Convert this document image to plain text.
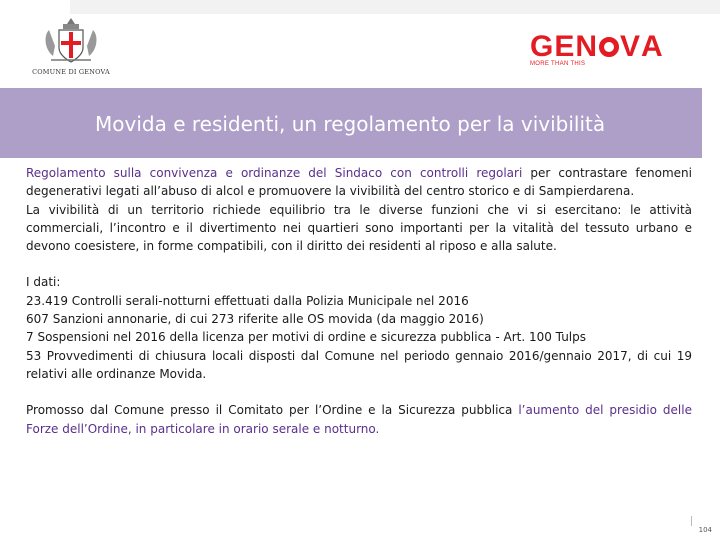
COMUNE DI GENOVA
G E N V A
MORE THAN THIS
Movida e residenti, un regolamento per la vivibilità

Regolamento sulla convivenza e ordinanze del Sindaco con controlli regolari per contrastare fenomeni degenerativi legati all’abuso di alcol e promuovere la vivibilità del centro storico e di Sampierdarena.

La vivibilità di un territorio richiede equilibrio tra le diverse funzioni che vi si esercitano: le attività commerciali, l’incontro e il divertimento nei quartieri sono importanti per la vitalità del tessuto urbano e devono coesistere, in forme compatibili, con il diritto dei residenti al riposo e alla salute.

I dati:

23.419 Controlli serali-notturni effettuati dalla Polizia Municipale nel 2016

607 Sanzioni annonarie, di cui 273 riferite alle OS movida (da maggio 2016)

7 Sospensioni nel 2016 della licenza per motivi di ordine e sicurezza pubblica - Art. 100 Tulps

53 Provvedimenti di chiusura locali disposti dal Comune nel periodo gennaio 2016/gennaio 2017, di cui 19 relativi alle ordinanze Movida.

Promosso dal Comune presso il Comitato per l’Ordine e la Sicurezza pubblica l’aumento del presidio delle Forze dell’Ordine, in particolare in orario serale e notturno.

104
